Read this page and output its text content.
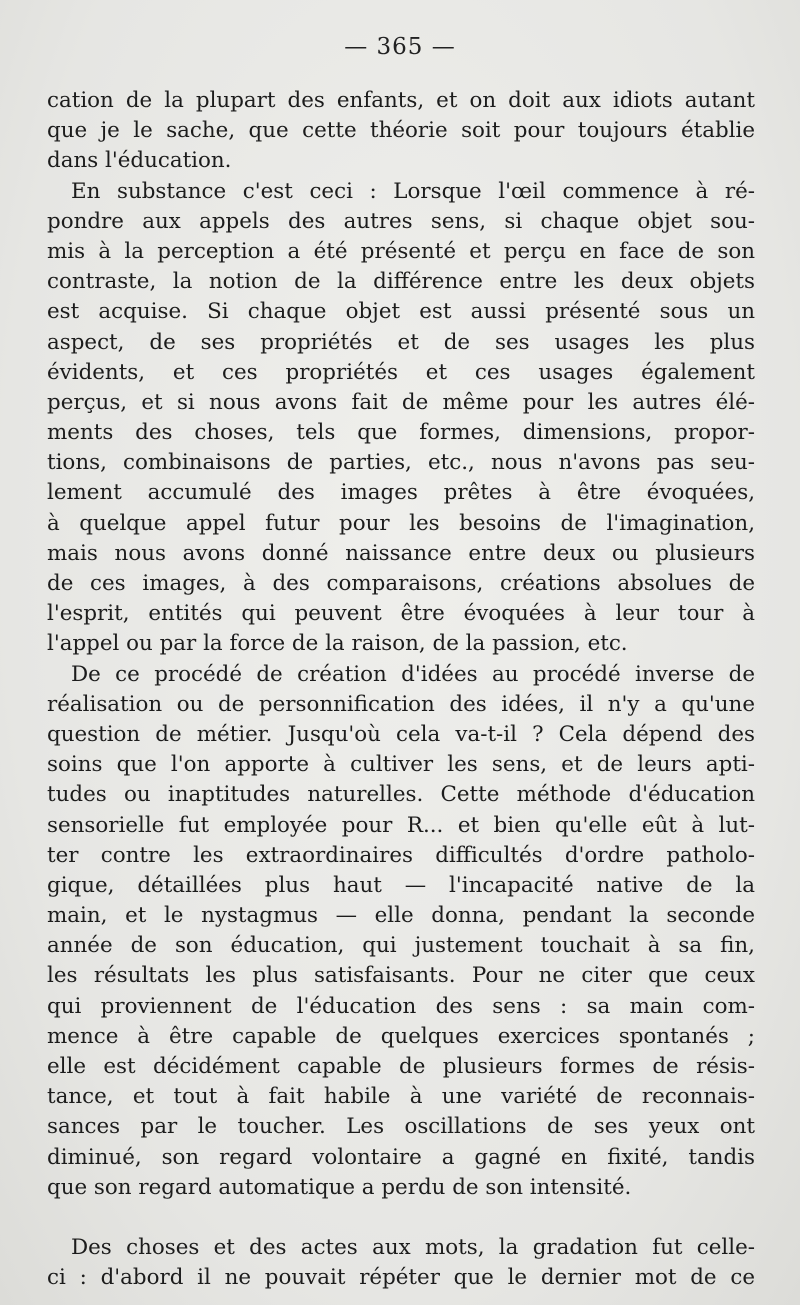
— 365 —
cation de la plupart des enfants, et on doit aux idiots autant
que je le sache, que cette théorie soit pour toujours établie
dans l'éducation.
En substance c'est ceci : Lorsque l'œil commence à ré-
pondre aux appels des autres sens, si chaque objet sou-
mis à la perception a été présenté et perçu en face de son
contraste, la notion de la différence entre les deux objets
est acquise. Si chaque objet est aussi présenté sous un
aspect, de ses propriétés et de ses usages les plus
évidents, et ces propriétés et ces usages également
perçus, et si nous avons fait de même pour les autres élé-
ments des choses, tels que formes, dimensions, propor-
tions, combinaisons de parties, etc., nous n'avons pas seu-
lement accumulé des images prêtes à être évoquées,
à quelque appel futur pour les besoins de l'imagination,
mais nous avons donné naissance entre deux ou plusieurs
de ces images, à des comparaisons, créations absolues de
l'esprit, entités qui peuvent être évoquées à leur tour à
l'appel ou par la force de la raison, de la passion, etc.
De ce procédé de création d'idées au procédé inverse de
réalisation ou de personnification des idées, il n'y a qu'une
question de métier. Jusqu'où cela va-t-il ? Cela dépend des
soins que l'on apporte à cultiver les sens, et de leurs apti-
tudes ou inaptitudes naturelles. Cette méthode d'éducation
sensorielle fut employée pour R... et bien qu'elle eût à lut-
ter contre les extraordinaires difficultés d'ordre patholo-
gique, détaillées plus haut — l'incapacité native de la
main, et le nystagmus — elle donna, pendant la seconde
année de son éducation, qui justement touchait à sa fin,
les résultats les plus satisfaisants. Pour ne citer que ceux
qui proviennent de l'éducation des sens : sa main com-
mence à être capable de quelques exercices spontanés ;
elle est décidément capable de plusieurs formes de résis-
tance, et tout à fait habile à une variété de reconnais-
sances par le toucher. Les oscillations de ses yeux ont
diminué, son regard volontaire a gagné en fixité, tandis
que son regard automatique a perdu de son intensité.
Des choses et des actes aux mots, la gradation fut celle-
ci : d'abord il ne pouvait répéter que le dernier mot de ce
